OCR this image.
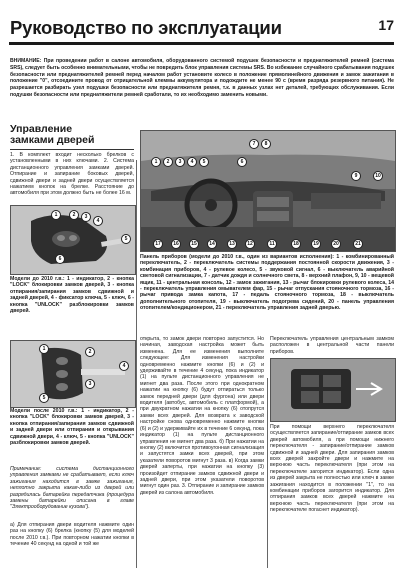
Руководство по эксплуатации	17
ВНИМАНИЕ: При проведении работ в салоне автомобиля, оборудованного системой подушек безопасности и преднатяжителей ремней (система SRS), следует быть особенно внимательными, чтобы не повредить блок управления системы SRS. Во избежание случайного срабатывания подушек безопасности или преднатяжителей ремней перед началом работ установите колесо в положение прямолинейного движения и замок зажигания в положение "0", отсоедините провод от отрицательной клеммы аккумулятора и подождите не менее 90 с (время разряда резервного питания). Не разрешается разбирать узел подушки безопасности или преднатяжителя ремня, т.к. в данных узлах нет деталей, требующих обслуживания. Если подушки безопасности или преднатяжители ремней сработали, то их необходимо заменить новыми.
Управление
замками дверей
1. В комплект входит несколько брелков с установленными в них ключами. 2. Система дистанционного управления замками дверей. Отпирание и запирание боковых дверей, сдвижной двери и задней двери осуществляется нажатием кнопок на брелке. Расстояние до автомобиля при этом должно быть не более 16 м.
1	2	3
4
5
6
Модели до 2010 г.в.: 1 - индикатор, 2 - кнопка "LOCK" блокировки замков дверей, 3 - кнопка отпирания/запирания замков сдвижной и задней дверей, 4 - фиксатор ключа, 5 - ключ, 6 - кнопка "UNLOCK" разблокировки замков дверей.
1	2
3
4
5
Модели после 2010 г.в.: 1 - индикатор, 2 - кнопка "LOCK" блокировки замков дверей, 3 - кнопка отпирания/запирания замков сдвижной и задней двери или отпирания и открывания сдвижной двери, 4 - ключ, 5 - кнопка "UNLOCK" разблокировки замков дверей.
Примечание: система дистанционного управления замками не срабатывает, если ключ зажигания находится в замке зажигания, неплотно закрыта какая-либо из дверей или разрядилась батарейка передатчика (процедура замены батарейки описана в главе "Электрооборудование кузова").
а) Для отпирания двери водителя нажмите один раз на кнопку (6) брелка (кнопку (5) для моделей после 2010 г.в.). При повторном нажатии кнопки в течение 40 секунд на одной и той же
1	2	3	4	5	6
7	8
9	10
11
12
13
14
15
16
17	18	19	20	21
Панель приборов (модели до 2010 г.в., один из вариантов исполнения): 1 - комбинированный переключатель, 2 - переключатель системы поддержания постоянной скорости движения, 3 - комбинация приборов, 4 - рулевое колесо, 5 - звуковой сигнал, 6 - выключатель аварийной световой сигнализации, 7 - датчик дождя и солнечного света, 8 - верхний плафон, 9, 10 - вещевой ящик, 11 - центральная консоль, 12 - замок зажигания, 13 - рычаг блокировки рулевого колеса, 14 - переключатель управления омывателем фар, 15 - рычаг отпускания стояночного тормоза, 16 - рычаг привода замка капота, 17 - педаль стояночного тормоза, 18 - выключатель дополнительного отопителя, 19 - выключатель подогрева сидений, 20 - панель управления отопителем/кондиционером, 21 - переключатель управления задней дверью.
открыта, то замок двери повторно запустится. Но начиная, заводская настройка может быть изменена. Для ее изменения выполните следующее: Для изменения настройки одновременно нажмите кнопки (6) и (2) и удерживайте в течение 4 секунд, пока индикатор (1) на пульте дистанционного управления не мигнет два раза. После этого при однократном нажатии на кнопку (6) будут отпираться только замок передней двери (для фургона) или двери водителя (автобус, автомобиль с платформой), а при двукратном нажатии на кнопку (6) отопрутся замки всех дверей. Для возврата к заводской настройке снова одновременно нажмите кнопки (6) и (2) и удерживайте их в течение 6 секунд, пока индикатор (1) на пульте дистанционного управления не мигнет два раза. б) При нажатии на кнопку (2) включится противоугонная сигнализация и запустятся замки всех дверей, при этом указатели поворотов мигнут 3 раза. в) Когда замки дверей заперты, при нажатии на кнопку (3) произойдет отпирание замков сдвижной двери и задней двери, при этом указатели поворотов мигнут один раз. 3. Отпирание и запирание замков дверей из салона автомобиля.
Переключатель управления центральным замком расположен в центральной части панели приборов.
При помощи верхнего переключателя осуществляется запирание/отпирание замков всех дверей автомобиля, а при помощи нижнего переключателя - запирание/отпирание замков сдвижной и задней двери. Для запирания замков всех дверей закройте двери и нажмите на верхнюю часть переключателя (при этом на переключателе загорится индикатор). Если одна из дверей закрыта не полностью или ключ в замке зажигания находится в положении "1", то на комбинации приборов загорится индикатор. Для отпирания замков всех дверей нажмите на верхнюю часть переключателя (при этом на переключателе погаснет индикатор).
